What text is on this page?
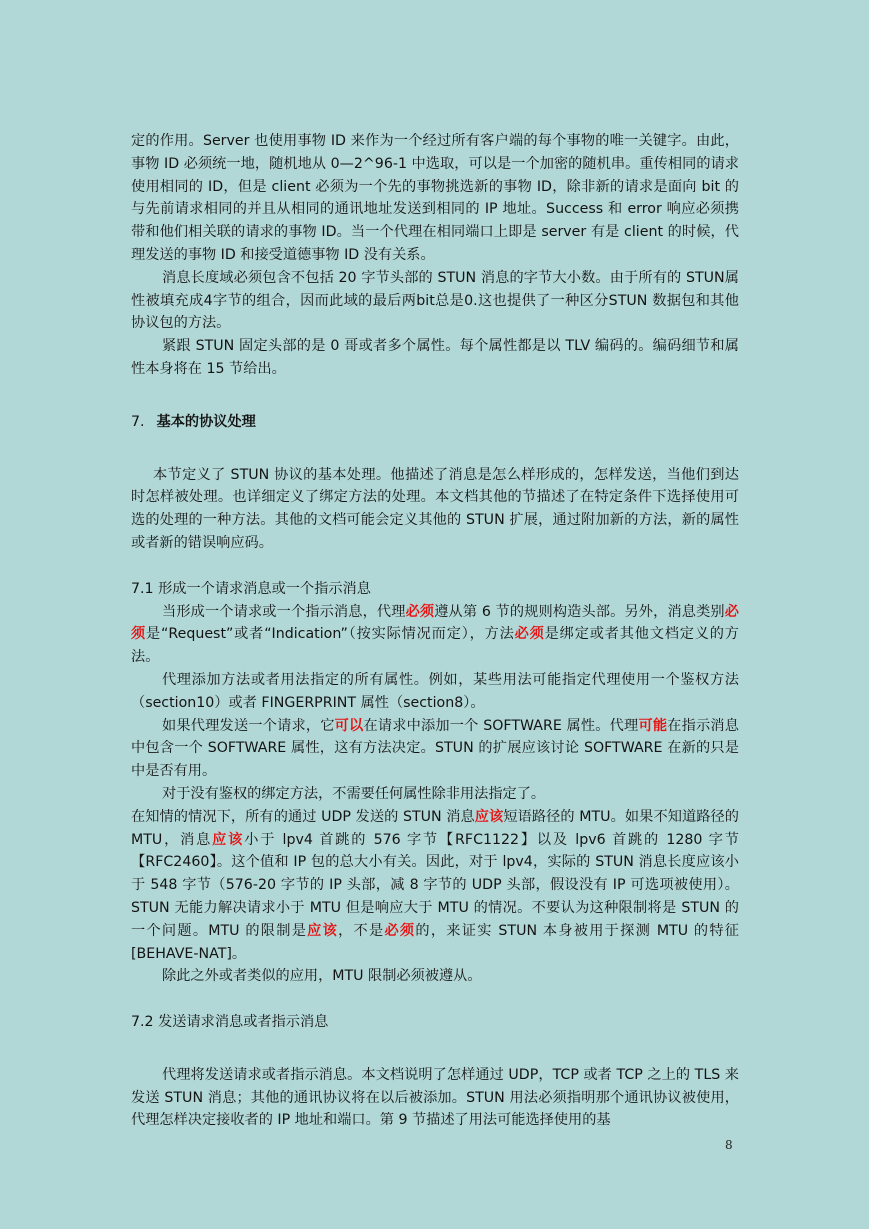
定的作用。Server 也使用事物 ID 来作为一个经过所有客户端的每个事物的唯一关键字。由此，事物 ID 必须统一地，随机地从 0—2^96-1 中选取，可以是一个加密的随机串。重传相同的请求使用相同的 ID，但是 client 必须为一个先的事物挑选新的事物 ID，除非新的请求是面向 bit 的与先前请求相同的并且从相同的通讯地址发送到相同的 IP 地址。Success 和 error 响应必须携带和他们相关联的请求的事物 ID。当一个代理在相同端口上即是 server 有是 client 的时候，代理发送的事物 ID 和接受道德事物 ID 没有关系。

消息长度域必须包含不包括 20 字节头部的 STUN 消息的字节大小数。由于所有的 STUN属性被填充成4字节的组合，因而此域的最后两bit总是0.这也提供了一种区分STUN 数据包和其他协议包的方法。

紧跟 STUN 固定头部的是 0 哥或者多个属性。每个属性都是以 TLV 编码的。编码细节和属性本身将在 15 节给出。

7. 基本的协议处理

本节定义了 STUN 协议的基本处理。他描述了消息是怎么样形成的，怎样发送，当他们到达时怎样被处理。也详细定义了绑定方法的处理。本文档其他的节描述了在特定条件下选择使用可选的处理的一种方法。其他的文档可能会定义其他的 STUN 扩展，通过附加新的方法，新的属性或者新的错误响应码。

7.1 形成一个请求消息或一个指示消息

当形成一个请求或一个指示消息，代理必须遵从第 6 节的规则构造头部。另外，消息类别必须是“Request”或者“Indication”（按实际情况而定），方法必须是绑定或者其他文档定义的方法。

代理添加方法或者用法指定的所有属性。例如，某些用法可能指定代理使用一个鉴权方法（section10）或者 FINGERPRINT 属性（section8）。

如果代理发送一个请求，它可以在请求中添加一个 SOFTWARE 属性。代理可能在指示消息中包含一个 SOFTWARE 属性，这有方法决定。STUN 的扩展应该讨论 SOFTWARE 在新的只是中是否有用。

对于没有鉴权的绑定方法，不需要任何属性除非用法指定了。

在知情的情况下，所有的通过 UDP 发送的 STUN 消息应该短语路径的 MTU。如果不知道路径的 MTU，消息应该小于 lpv4 首跳的 576 字节【RFC1122】以及 lpv6 首跳的 1280 字节【RFC2460】。这个值和 IP 包的总大小有关。因此，对于 lpv4，实际的 STUN 消息长度应该小于 548 字节（576-20 字节的 IP 头部，减 8 字节的 UDP 头部，假设没有 IP 可选项被使用）。STUN 无能力解决请求小于 MTU 但是响应大于 MTU 的情况。不要认为这种限制将是 STUN 的一个问题。MTU 的限制是应该，不是必须的，来证实 STUN 本身被用于探测 MTU 的特征[BEHAVE-NAT]。

除此之外或者类似的应用，MTU 限制必须被遵从。

7.2 发送请求消息或者指示消息

代理将发送请求或者指示消息。本文档说明了怎样通过 UDP，TCP 或者 TCP 之上的 TLS 来发送 STUN 消息；其他的通讯协议将在以后被添加。STUN 用法必须指明那个通讯协议被使用，代理怎样决定接收者的 IP 地址和端口。第 9 节描述了用法可能选择使用的基

8
